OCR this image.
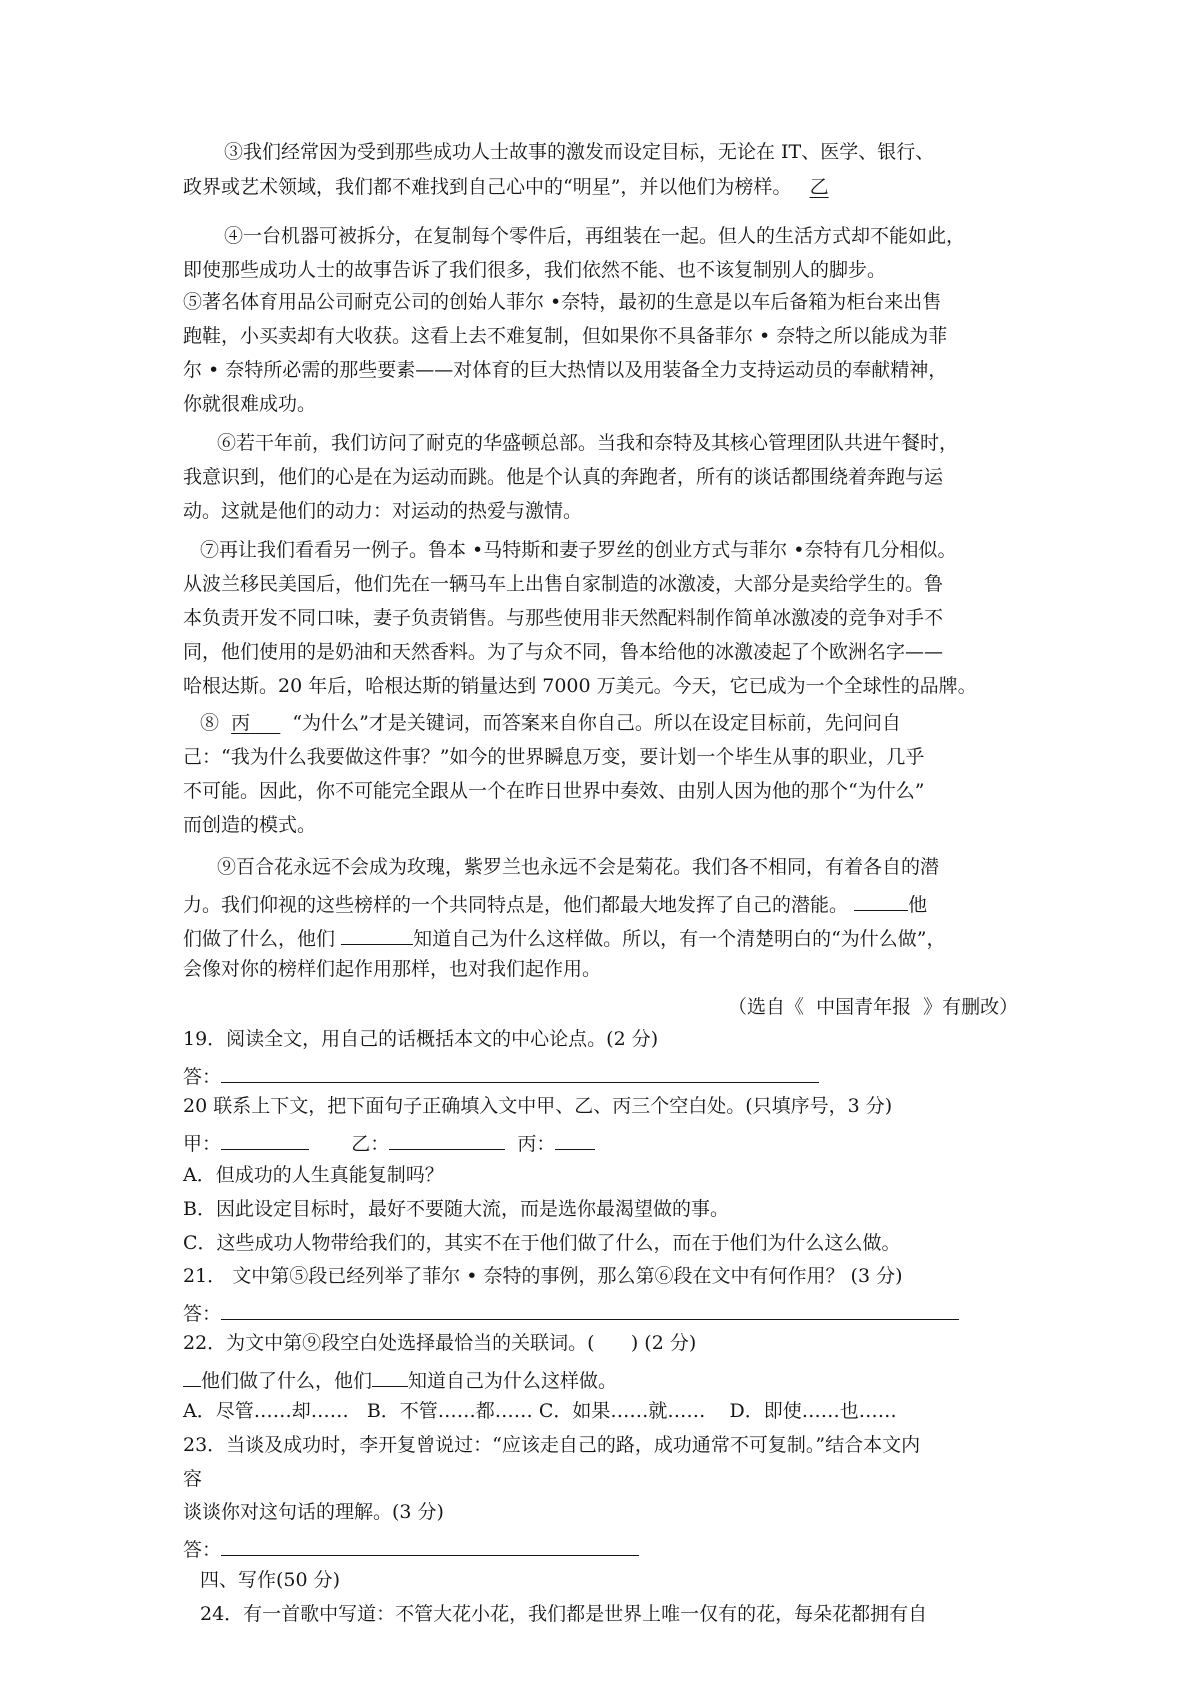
③我们经常因为受到那些成功人士故事的激发而设定目标，无论在 IT、医学、银行、
政界或艺术领域，我们都不难找到自己心中的“明星”，并以他们为榜样。 乙
④一台机器可被拆分，在复制每个零件后，再组装在一起。但人的生活方式却不能如此，
即使那些成功人士的故事告诉了我们很多，我们依然不能、也不该复制别人的脚步。
⑤著名体育用品公司耐克公司的创始人菲尔 •奈特，最初的生意是以车后备箱为柜台来出售
跑鞋，小买卖却有大收获。这看上去不难复制，但如果你不具备菲尔 • 奈特之所以能成为菲
尔 • 奈特所必需的那些要素——对体育的巨大热情以及用装备全力支持运动员的奉献精神，
你就很难成功。
⑥若干年前，我们访问了耐克的华盛顿总部。当我和奈特及其核心管理团队共进午餐时，
我意识到，他们的心是在为运动而跳。他是个认真的奔跑者，所有的谈话都围绕着奔跑与运
动。这就是他们的动力：对运动的热爱与激情。
⑦再让我们看看另一例子。鲁本 •马特斯和妻子罗丝的创业方式与菲尔 •奈特有几分相似。
从波兰移民美国后，他们先在一辆马车上出售自家制造的冰激凌，大部分是卖给学生的。鲁
本负责开发不同口味，妻子负责销售。与那些使用非天然配料制作简单冰激凌的竞争对手不
同，他们使用的是奶油和天然香料。为了与众不同，鲁本给他的冰激凌起了个欧洲名字——
哈根达斯。20 年后，哈根达斯的销量达到 7000 万美元。今天，它已成为一个全球性的品牌。
⑧ 丙 “为什么”才是关键词，而答案来自你自己。所以在设定目标前，先问问自
己：“我为什么我要做这件事？”如今的世界瞬息万变，要计划一个毕生从事的职业，几乎
不可能。因此，你不可能完全跟从一个在昨日世界中奏效、由别人因为他的那个“为什么”
而创造的模式。
⑨百合花永远不会成为玫瑰，紫罗兰也永远不会是菊花。我们各不相同，有着各自的潜
力。我们仰视的这些榜样的一个共同特点是，他们都最大地发挥了自己的潜能。	他
们做了什么，他们	知道自己为什么这样做。所以，有一个清楚明白的“为什么做”，
会像对你的榜样们起作用那样，也对我们起作用。
（选自《  中国青年报  》有删改）
19．阅读全文，用自己的话概括本文的中心论点。(2 分)
答：
20 联系上下文，把下面句子正确填入文中甲、乙、丙三个空白处。(只填序号，3 分)
甲：	乙：	丙：
A．但成功的人生真能复制吗？
B．因此设定目标时，最好不要随大流，而是选你最渴望做的事。
C．这些成功人物带给我们的，其实不在于他们做了什么，而在于他们为什么这么做。
21． 文中第⑤段已经列举了菲尔 • 奈特的事例，那么第⑥段在文中有何作用？ (3 分)
答：
22．为文中第⑨段空白处选择最恰当的关联词。(      ) (2 分)
他们做了什么，他们 知道自己为什么这样做。
A．尽管……却……   B．不管……都…… C．如果……就……    D．即使……也……
23．当谈及成功时，李开复曾说过：“应该走自己的路，成功通常不可复制。”结合本文内
容
谈谈你对这句话的理解。(3 分)
答：
四、写作(50 分)
24．有一首歌中写道：不管大花小花，我们都是世界上唯一仅有的花，每朵花都拥有自
